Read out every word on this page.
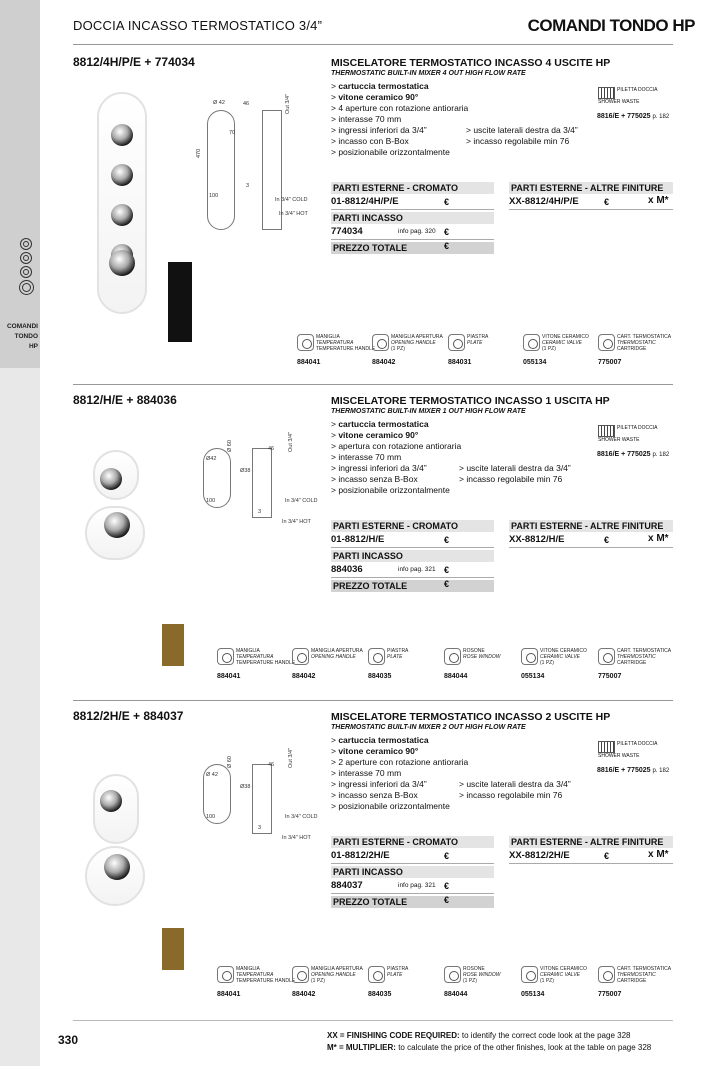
COMANDI
TONDO
HP
DOCCIA INCASSO TERMOSTATICO 3/4”	COMANDI TONDO HP
8812/4H/P/E + 774034	MISCELATORE TERMOSTATICO INCASSO 4 USCITE HP
THERMOSTATIC BUILT-IN MIXER 4 OUT HIGH FLOW RATE
> cartuccia termostatica
> vitone ceramico 90°
> 4 aperture con rotazione antioraria
> interasse 70 mm
> ingressi inferiori da 3/4”	> uscite laterali destra da 3/4”
> incasso con B-Box	> incasso regolabile min 76
> posizionabile orizzontalmente
PILETTA DOCCIA
SHOWER WASTE
8816/E + 775025 p. 182
PARTI ESTERNE - CROMATO	PARTI ESTERNE - ALTRE FINITURE
01-8812/4H/P/E	€	XX-8812/4H/P/E	€	x M*
PARTI INCASSO
774034	info pag. 320 €
PREZZO TOTALE	€
Ø 42	46
470
100
3
Out 3/4"
In 3/4" COLD
In 3/4" HOT
70
MANIGLIA
TEMPERATURA
TEMPERATURE HANDLE
884041
MANIGLIA APERTURA
OPENING HANDLE
(1 PZ)
884042
PIASTRA
PLATE

884031
VITONE CERAMICO
CERAMIC VALVE
(1 PZ)
055134
CART. TERMOSTATICA
THERMOSTATIC
CARTRIDGE
775007
8812/H/E + 884036	MISCELATORE TERMOSTATICO INCASSO 1 USCITA HP
THERMOSTATIC BUILT-IN MIXER 1 OUT HIGH FLOW RATE
> cartuccia termostatica
> vitone ceramico 90°
> apertura con rotazione antioraria
> interasse 70 mm
> ingressi inferiori da 3/4”	> uscite laterali destra da 3/4”
> incasso senza B-Box	> incasso regolabile min 76
> posizionabile orizzontalmente
PILETTA DOCCIA
SHOWER WASTE
8816/E + 775025 p. 182
PARTI ESTERNE - CROMATO	PARTI ESTERNE - ALTRE FINITURE
01-8812/H/E	€	XX-8812/H/E	€	x M*
PARTI INCASSO
884036	info pag. 321 €
PREZZO TOTALE	€
Ø42
46
Ø 60
100
3
Out 3/4"
In 3/4" COLD
In 3/4" HOT
Ø38
MANIGLIA
TEMPERATURA
TEMPERATURE HANDLE
884041
MANIGLIA APERTURA
OPENING HANDLE

884042
PIASTRA
PLATE

884035
ROSONE
ROSE WINDOW

884044
VITONE CERAMICO
CERAMIC VALVE
(1 PZ)
055134
CART. TERMOSTATICA
THERMOSTATIC
CARTRIDGE
775007
8812/2H/E + 884037	MISCELATORE TERMOSTATICO INCASSO 2 USCITE HP
THERMOSTATIC BUILT-IN MIXER 2 OUT HIGH FLOW RATE
> cartuccia termostatica
> vitone ceramico 90°
> 2 aperture con rotazione antioraria
> interasse 70 mm
> ingressi inferiori da 3/4”	> uscite laterali destra da 3/4”
> incasso senza B-Box	> incasso regolabile min 76
> posizionabile orizzontalmente
PILETTA DOCCIA
SHOWER WASTE
8816/E + 775025 p. 182
PARTI ESTERNE - CROMATO	PARTI ESTERNE - ALTRE FINITURE
01-8812/2H/E	€	XX-8812/2H/E	€	x M*
PARTI INCASSO
884037	info pag. 321 €
PREZZO TOTALE	€
Ø 42
46
Ø 60
100
3
Out 3/4"
In 3/4" COLD
In 3/4" HOT
Ø38
MANIGLIA
TEMPERATURA
TEMPERATURE HANDLE
884041
MANIGLIA APERTURA
OPENING HANDLE
(1 PZ)
884042
PIASTRA
PLATE

884035
ROSONE
ROSE WINDOW
(1 PZ)
884044
VITONE CERAMICO
CERAMIC VALVE
(1 PZ)
055134
CART. TERMOSTATICA
THERMOSTATIC
CARTRIDGE
775007
330	XX = FINISHING CODE REQUIRED: to identify the correct code look at the page 328
M* = MULTIPLIER: to calculate the price of the other finishes, look at the table on page 328
